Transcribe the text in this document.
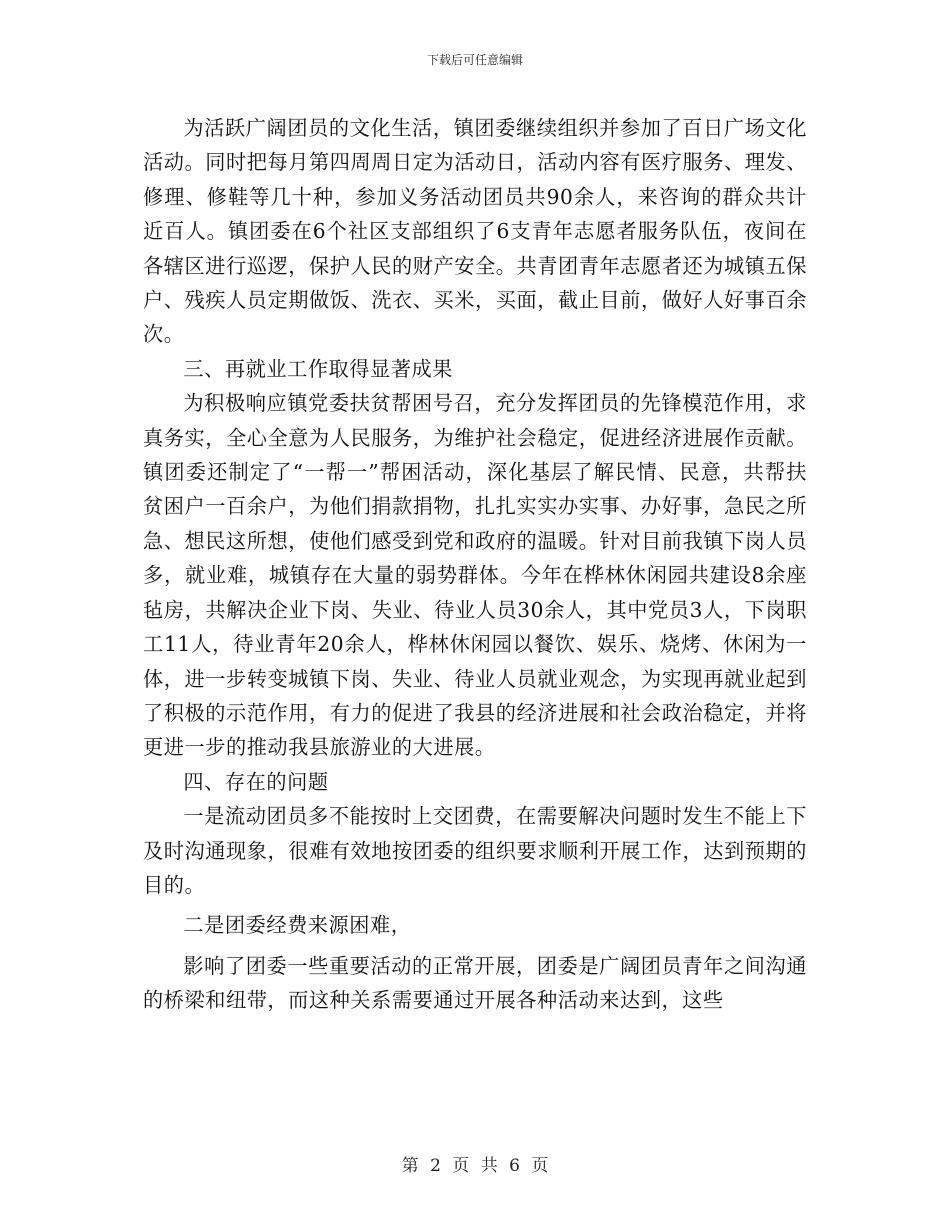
下载后可任意编辑

为活跃广阔团员的文化生活，镇团委继续组织并参加了百日广场文化活动。同时把每月第四周周日定为活动日，活动内容有医疗服务、理发、修理、修鞋等几十种，参加义务活动团员共90余人，来咨询的群众共计近百人。镇团委在6个社区支部组织了6支青年志愿者服务队伍，夜间在各辖区进行巡逻，保护人民的财产安全。共青团青年志愿者还为城镇五保户、残疾人员定期做饭、洗衣、买米，买面，截止目前，做好人好事百余次。

三、再就业工作取得显著成果

为积极响应镇党委扶贫帮困号召，充分发挥团员的先锋模范作用，求真务实，全心全意为人民服务，为维护社会稳定，促进经济进展作贡献。镇团委还制定了“一帮一”帮困活动，深化基层了解民情、民意，共帮扶贫困户一百余户，为他们捐款捐物，扎扎实实办实事、办好事，急民之所急、想民这所想，使他们感受到党和政府的温暖。针对目前我镇下岗人员多，就业难，城镇存在大量的弱势群体。今年在桦林休闲园共建设8余座毡房，共解决企业下岗、失业、待业人员30余人，其中党员3人，下岗职工11人，待业青年20余人，桦林休闲园以餐饮、娱乐、烧烤、休闲为一体，进一步转变城镇下岗、失业、待业人员就业观念，为实现再就业起到了积极的示范作用，有力的促进了我县的经济进展和社会政治稳定，并将更进一步的推动我县旅游业的大进展。

四、存在的问题

一是流动团员多不能按时上交团费，在需要解决问题时发生不能上下及时沟通现象，很难有效地按团委的组织要求顺利开展工作，达到预期的目的。

二是团委经费来源困难，

影响了团委一些重要活动的正常开展，团委是广阔团员青年之间沟通的桥梁和纽带，而这种关系需要通过开展各种活动来达到，这些

第 2 页 共 6 页
